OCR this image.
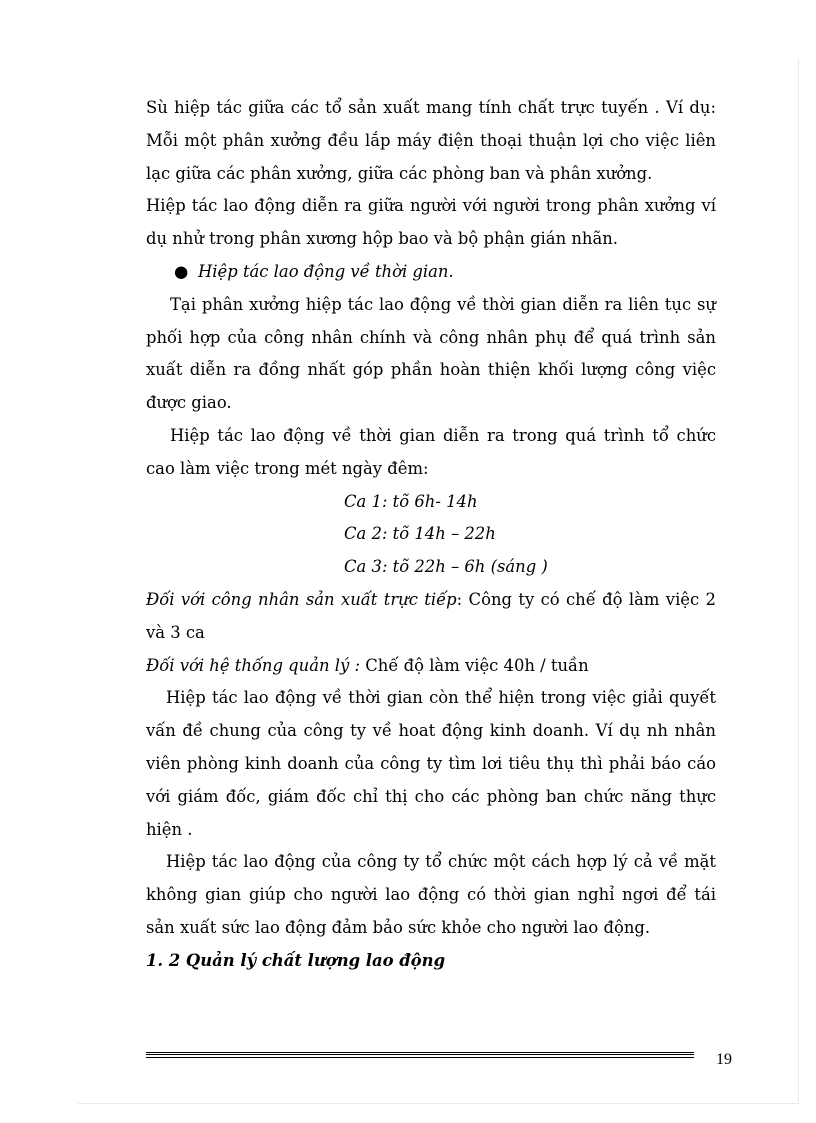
Sù hiệp tác giữa các tổ sản xuất mang tính chất trực tuyến . Ví dụ: Mỗi một phân xưởng đều lắp máy điện thoại thuận lợi cho việc liên lạc giữa các phân xưởng, giữa các phòng ban và phân xưởng.

Hiệp tác lao động diễn ra giữa người với người trong phân xưởng ví dụ nhử trong phân xương hộp bao và bộ phận gián nhãn.

● Hiệp tác lao động về thời gian.

Tại phân xưởng hiệp tác lao động về thời gian diễn ra liên tục sự phối hợp của công nhân chính và công nhân phụ để quá trình sản xuất diễn ra đồng nhất góp phần hoàn thiện khối lượng công việc được giao.

Hiệp tác lao động về thời gian diễn ra trong quá trình tổ chức cao làm việc trong mét ngày đêm:

Ca 1: tõ 6h- 14h

Ca 2: tõ 14h – 22h

Ca 3: tõ 22h – 6h (sáng )

Đối với công nhân sản xuất trực tiếp: Công ty có chế độ làm việc 2 và 3 ca

Đối với hệ thống quản lý : Chế độ làm việc 40h / tuần

Hiệp tác lao động về thời gian còn thể hiện trong việc giải quyết vấn đề chung của công ty về hoat động kinh doanh. Ví dụ nh nhân viên phòng kinh doanh của công ty tìm lơi tiêu thụ thì phải báo cáo với giám đốc, giám đốc chỉ thị cho các phòng ban chức năng thực hiện .

Hiệp tác lao động của công ty tổ chức một cách hợp lý cả về mặt không gian giúp cho người lao động có thời gian nghỉ ngơi để tái sản xuất sức lao động đảm bảo sức khỏe cho người lao động.

1. 2 Quản lý chất lượng lao động

19
